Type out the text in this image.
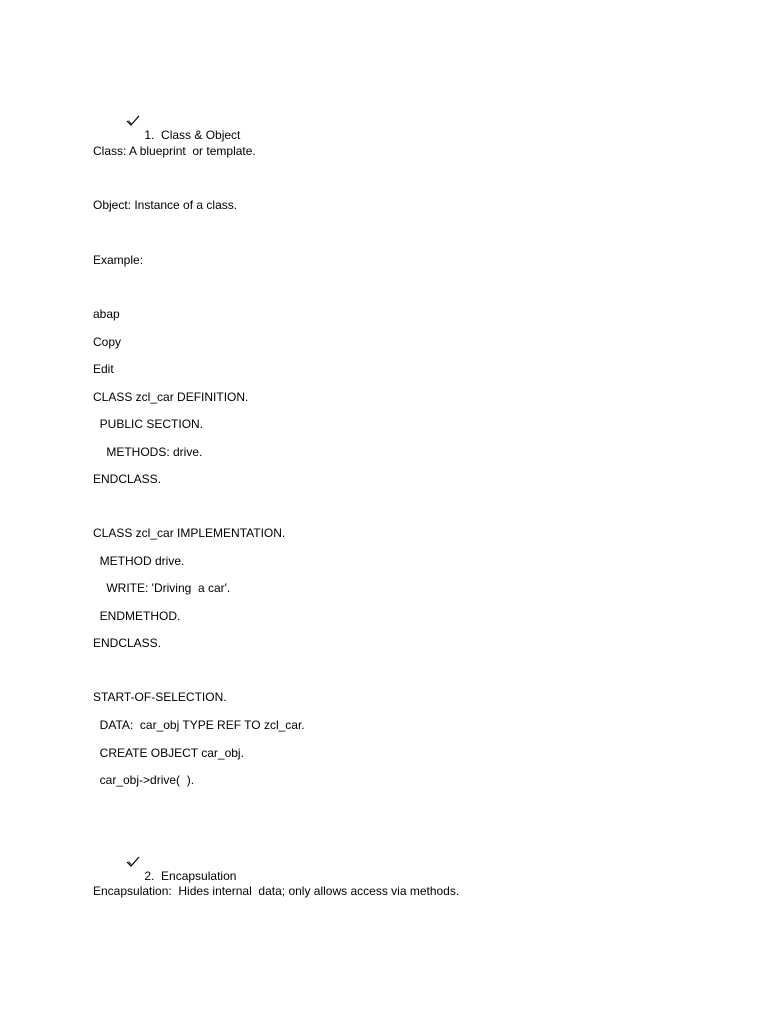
1.  Class & Object

Class: A blueprint  or template.
Object: Instance of a class.
Example:
abap
Copy
Edit
CLASS zcl_car DEFINITION.
PUBLIC SECTION.
METHODS: drive.
ENDCLASS.
CLASS zcl_car IMPLEMENTATION.
METHOD drive.
WRITE: 'Driving  a car'.
ENDMETHOD.
ENDCLASS.
START-OF-SELECTION.
DATA:  car_obj TYPE REF TO zcl_car.
CREATE OBJECT car_obj.
car_obj->drive(  ).

2.  Encapsulation

Encapsulation:  Hides internal  data; only allows access via methods.
